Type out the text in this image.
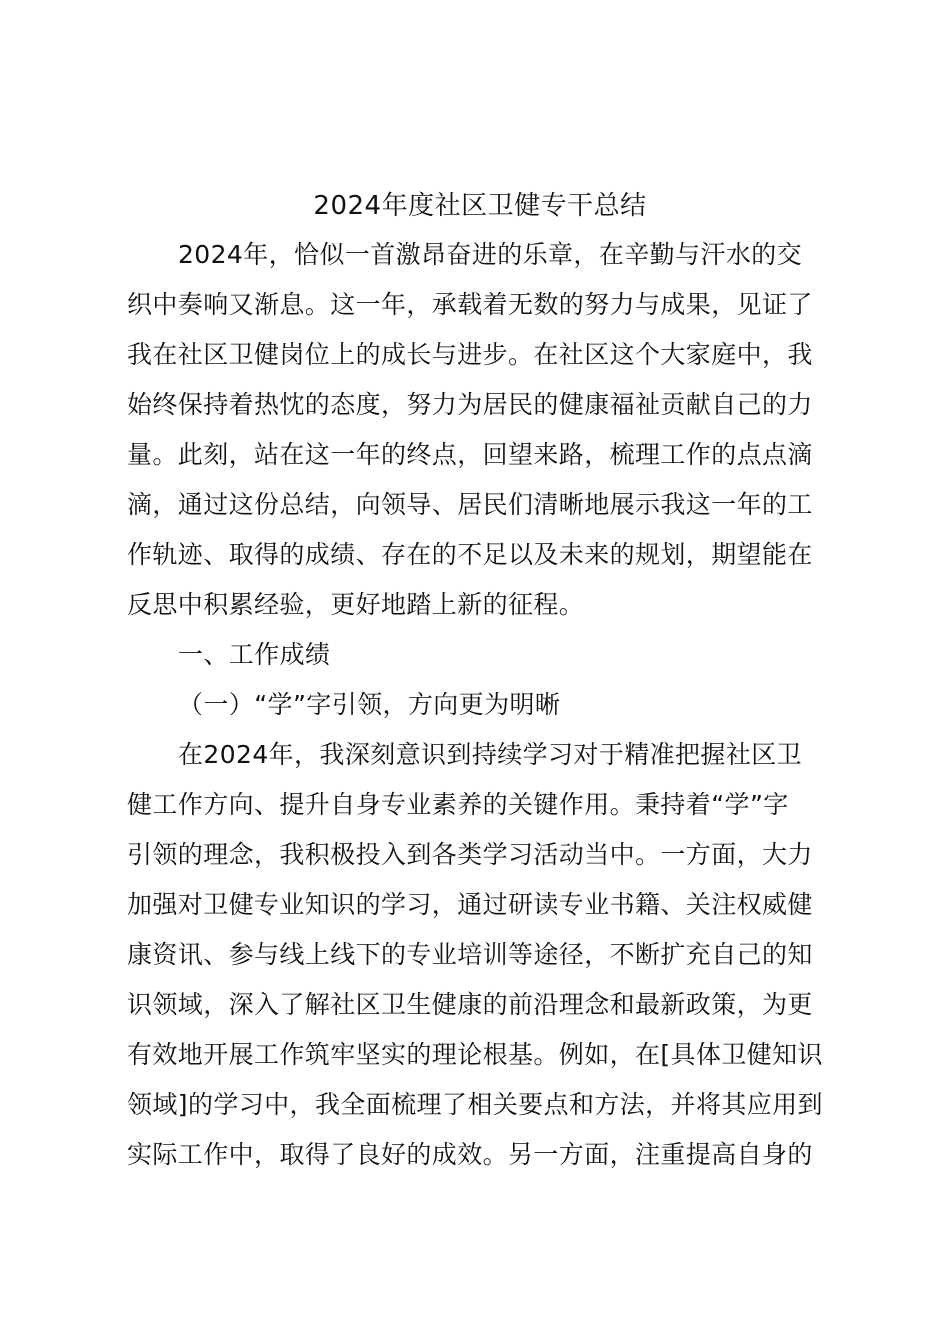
2024年度社区卫健专干总结
2024年，恰似一首激昂奋进的乐章，在辛勤与汗水的交
织中奏响又渐息。这一年，承载着无数的努力与成果，见证了
我在社区卫健岗位上的成长与进步。在社区这个大家庭中，我
始终保持着热忱的态度，努力为居民的健康福祉贡献自己的力
量。此刻，站在这一年的终点，回望来路，梳理工作的点点滴
滴，通过这份总结，向领导、居民们清晰地展示我这一年的工
作轨迹、取得的成绩、存在的不足以及未来的规划，期望能在
反思中积累经验，更好地踏上新的征程。
一、工作成绩
（一）“学”字引领，方向更为明晰
在2024年，我深刻意识到持续学习对于精准把握社区卫
健工作方向、提升自身专业素养的关键作用。秉持着“学”字
引领的理念，我积极投入到各类学习活动当中。一方面，大力
加强对卫健专业知识的学习，通过研读专业书籍、关注权威健
康资讯、参与线上线下的专业培训等途径，不断扩充自己的知
识领域，深入了解社区卫生健康的前沿理念和最新政策，为更
有效地开展工作筑牢坚实的理论根基。例如，在[具体卫健知识
领域]的学习中，我全面梳理了相关要点和方法，并将其应用到
实际工作中，取得了良好的成效。另一方面，注重提高自身的
